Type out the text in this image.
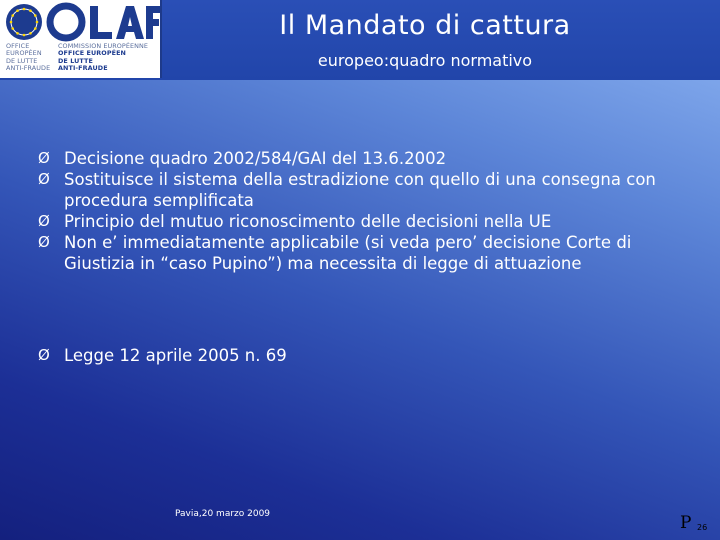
OFFICE
EUROPÉEN
DE LUTTE
ANTI-FRAUDE
COMMISSION EUROPÉENNE
OFFICE EUROPÉEN
DE LUTTE
ANTI-FRAUDE
Il Mandato di cattura
europeo:quadro normativo
Ø Decisione quadro 2002/584/GAI del 13.6.2002
Ø Sostituisce il sistema della estradizione con quello di una consegna con procedura semplificata
Ø Principio del mutuo riconoscimento delle decisioni nella UE
Ø Non e’ immediatamente applicabile (si veda pero’ decisione Corte di Giustizia in “caso Pupino”) ma necessita di legge di attuazione
Ø Legge 12 aprile 2005 n. 69
Pavia,20 marzo 2009	P 26
